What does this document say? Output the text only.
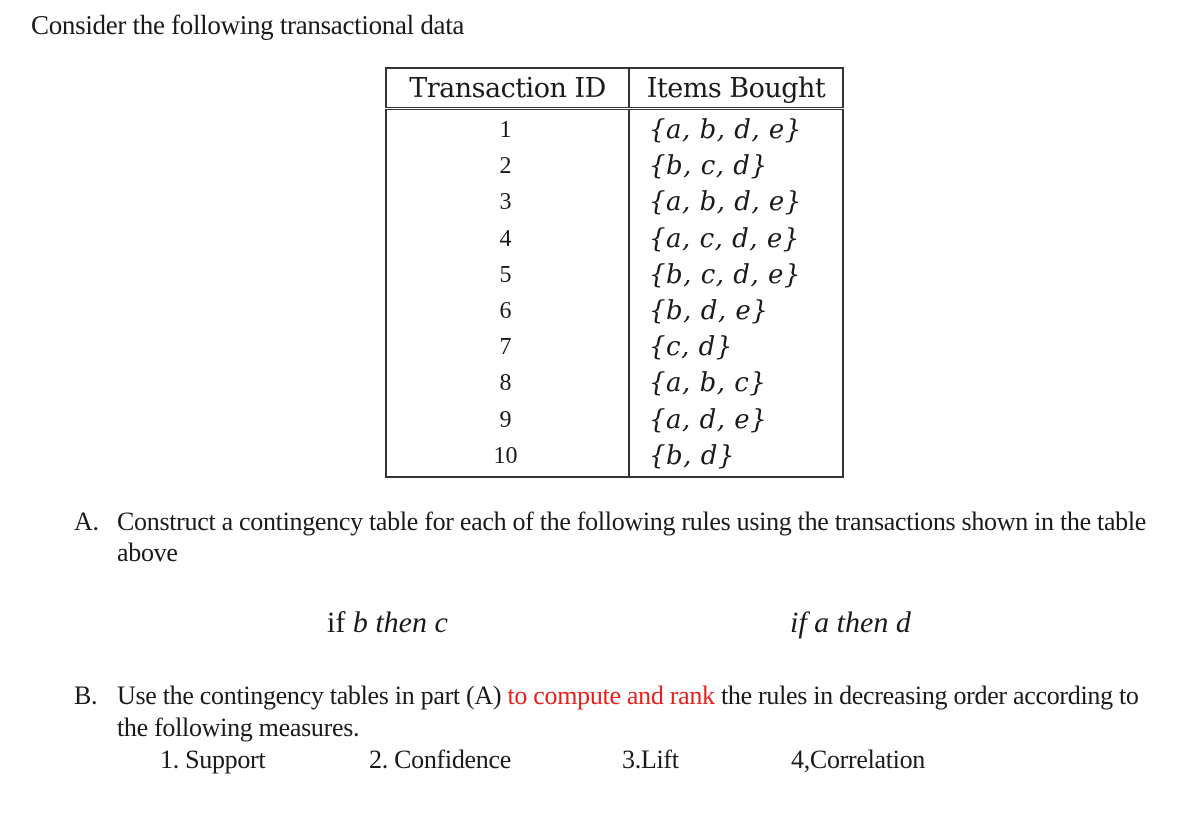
Consider the following transactional data
Transaction ID	Items Bought
1	{a, b, d, e}
2	{b, c, d}
3	{a, b, d, e}
4	{a, c, d, e}
5	{b, c, d, e}
6	{b, d, e}
7	{c, d}
8	{a, b, c}
9	{a, d, e}
10	{b, d}
A. Construct a contingency table for each of the following rules using the transactions shown in the table above
if b then c	if a then d
B. Use the contingency tables in part (A) to compute and rank the rules in decreasing order according to the following measures.
1. Support	2. Confidence	3.Lift	4,Correlation
